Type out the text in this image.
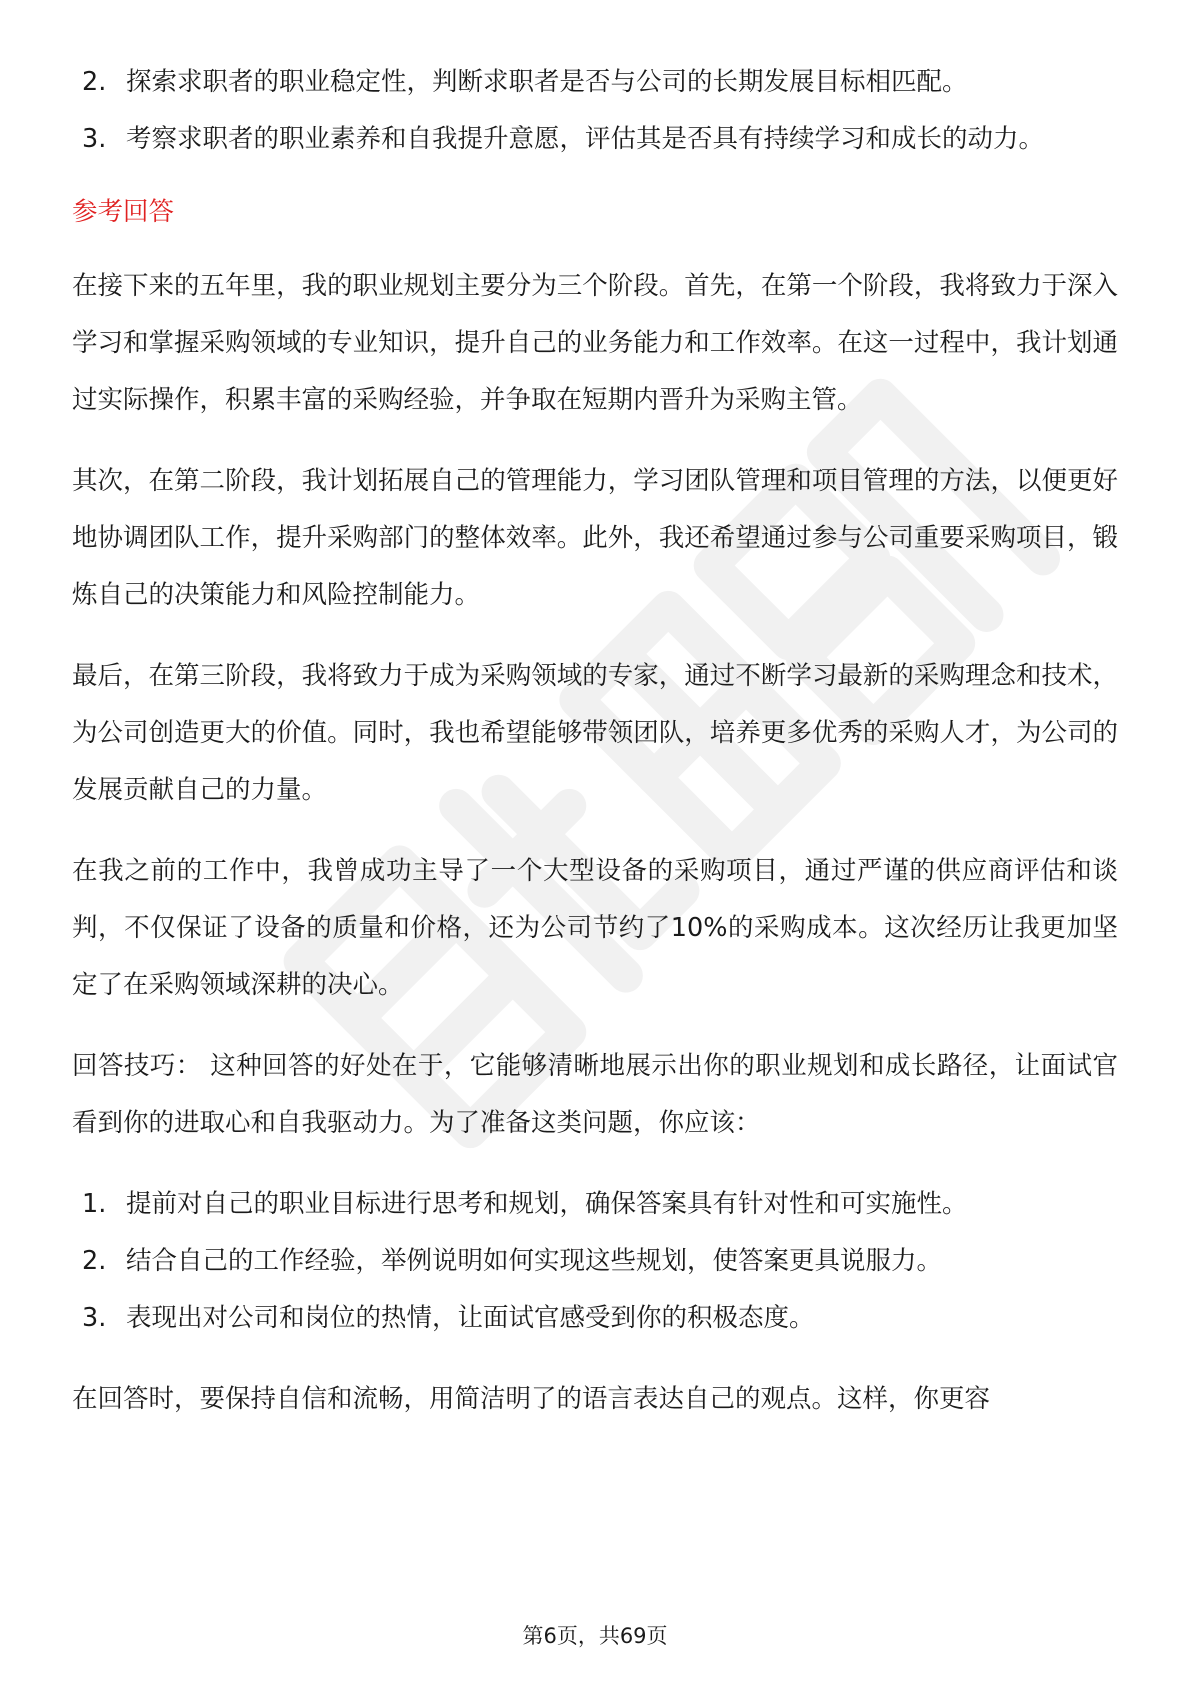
2. 探索求职者的职业稳定性，判断求职者是否与公司的长期发展目标相匹配。
3. 考察求职者的职业素养和自我提升意愿，评估其是否具有持续学习和成长的动力。
参考回答

在接下来的五年里，我的职业规划主要分为三个阶段。首先，在第一个阶段，我将致力于深入学习和掌握采购领域的专业知识，提升自己的业务能力和工作效率。在这一过程中，我计划通过实际操作，积累丰富的采购经验，并争取在短期内晋升为采购主管。

其次，在第二阶段，我计划拓展自己的管理能力，学习团队管理和项目管理的方法，以便更好地协调团队工作，提升采购部门的整体效率。此外，我还希望通过参与公司重要采购项目，锻炼自己的决策能力和风险控制能力。

最后，在第三阶段，我将致力于成为采购领域的专家，通过不断学习最新的采购理念和技术，为公司创造更大的价值。同时，我也希望能够带领团队，培养更多优秀的采购人才，为公司的发展贡献自己的力量。

在我之前的工作中，我曾成功主导了一个大型设备的采购项目，通过严谨的供应商评估和谈判，不仅保证了设备的质量和价格，还为公司节约了10%的采购成本。这次经历让我更加坚定了在采购领域深耕的决心。

回答技巧： 这种回答的好处在于，它能够清晰地展示出你的职业规划和成长路径，让面试官看到你的进取心和自我驱动力。为了准备这类问题，你应该：

1. 提前对自己的职业目标进行思考和规划，确保答案具有针对性和可实施性。
2. 结合自己的工作经验，举例说明如何实现这些规划，使答案更具说服力。
3. 表现出对公司和岗位的热情，让面试官感受到你的积极态度。

在回答时，要保持自信和流畅，用简洁明了的语言表达自己的观点。这样，你更容

第6页，共69页
